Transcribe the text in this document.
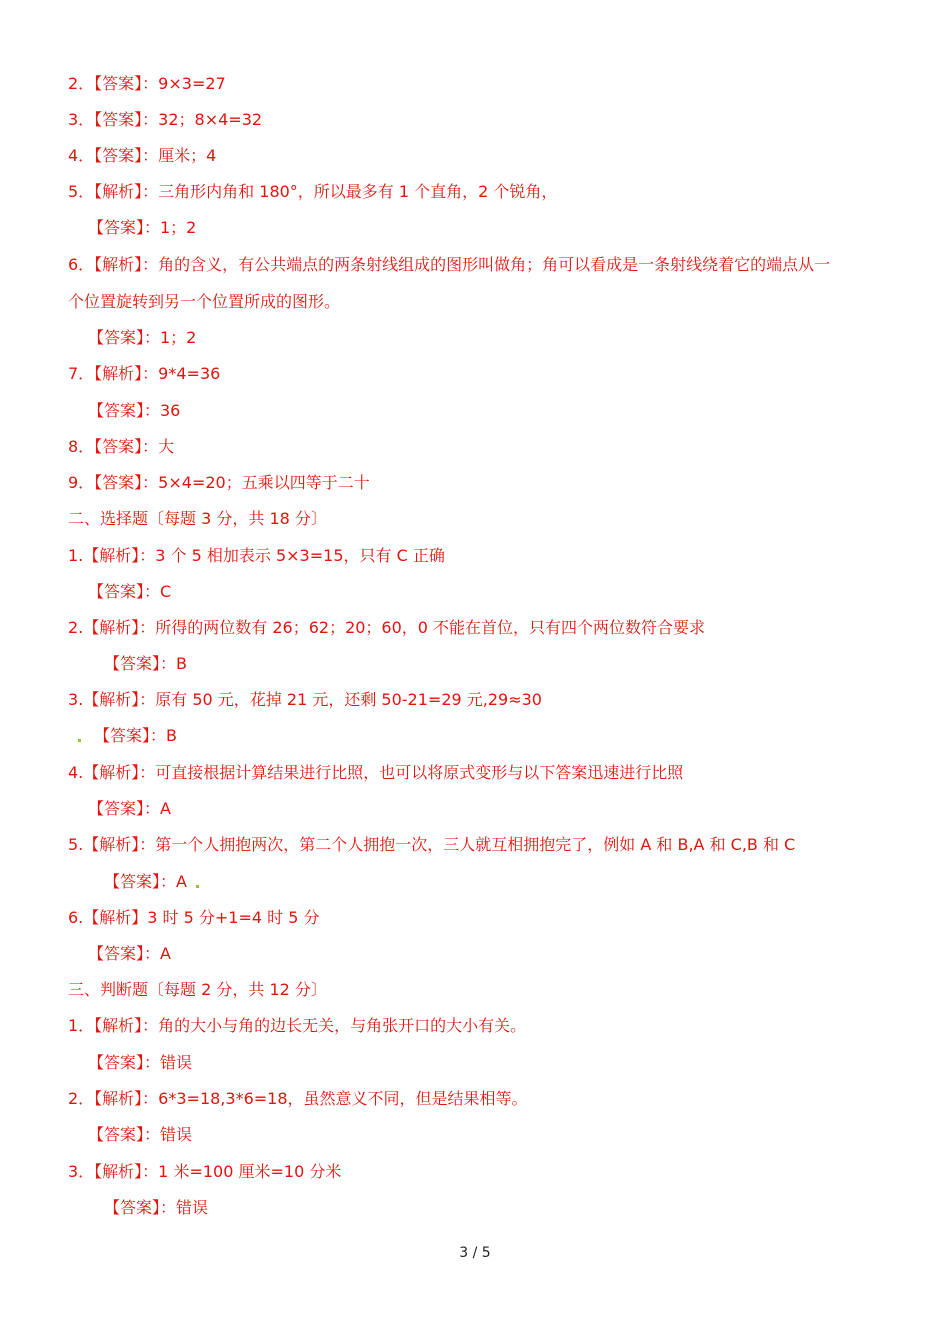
2．【答案】：9×3=27
3．【答案】：32；8×4=32
4．【答案】：厘米；4
5．【解析】：三角形内角和 180°，所以最多有 1 个直角，2 个锐角，
【答案】：1；2
6．【解析】：角的含义，有公共端点的两条射线组成的图形叫做角；角可以看成是一条射线绕着它的端点从一
个位置旋转到另一个位置所成的图形。
【答案】：1；2
7．【解析】：9*4=36
【答案】：36
8．【答案】：大
9．【答案】：5×4=20；五乘以四等于二十
二、选择题〔每题 3 分，共 18 分〕
1.【解析】：3 个 5 相加表示 5×3=15，只有 C 正确
【答案】：C
2.【解析】：所得的两位数有 26；62；20；60，0 不能在首位，只有四个两位数符合要求
【答案】：B
3.【解析】：原有 50 元，花掉 21 元，还剩 50-21=29 元,29≈30
【答案】：B
4.【解析】：可直接根据计算结果进行比照，也可以将原式变形与以下答案迅速进行比照
【答案】：A
5.【解析】：第一个人拥抱两次，第二个人拥抱一次，三人就互相拥抱完了，例如 A 和 B,A 和 C,B 和 C
【答案】：A
6.【解析】3 时 5 分+1=4 时 5 分
【答案】：A
三、判断题〔每题 2 分，共 12 分〕
1．【解析】：角的大小与角的边长无关，与角张开口的大小有关。
【答案】：错误
2．【解析】：6*3=18,3*6=18，虽然意义不同，但是结果相等。
【答案】：错误
3．【解析】：1 米=100 厘米=10 分米
【答案】：错误
3 / 5
